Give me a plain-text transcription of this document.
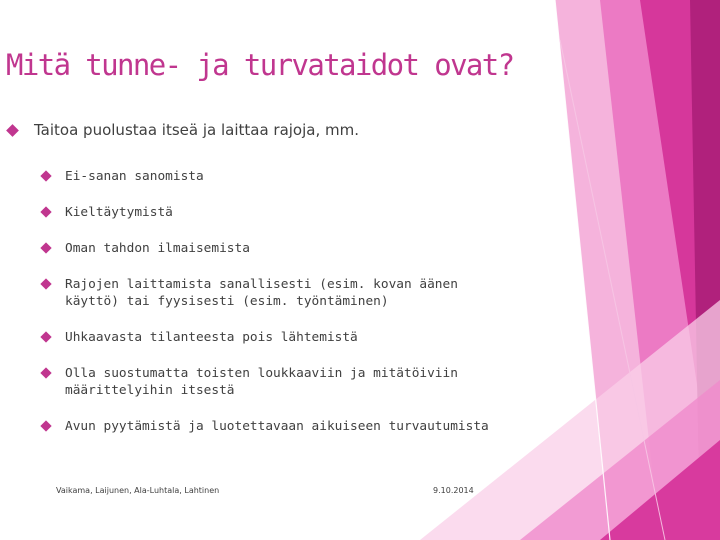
Mitä tunne- ja turvataidot ovat?
Taitoa puolustaa itseä ja laittaa rajoja, mm.
Ei-sanan sanomista
Kieltäytymistä
Oman tahdon ilmaisemista
Rajojen laittamista sanallisesti (esim. kovan äänen käyttö) tai fyysisesti (esim. työntäminen)
Uhkaavasta tilanteesta pois lähtemistä
Olla suostumatta toisten loukkaaviin ja mitätöiviin määrittelyihin itsestä
Avun pyytämistä ja luotettavaan aikuiseen turvautumista
Vaikama, Laijunen, Ala-Luhtala, Lahtinen	9.10.2014
